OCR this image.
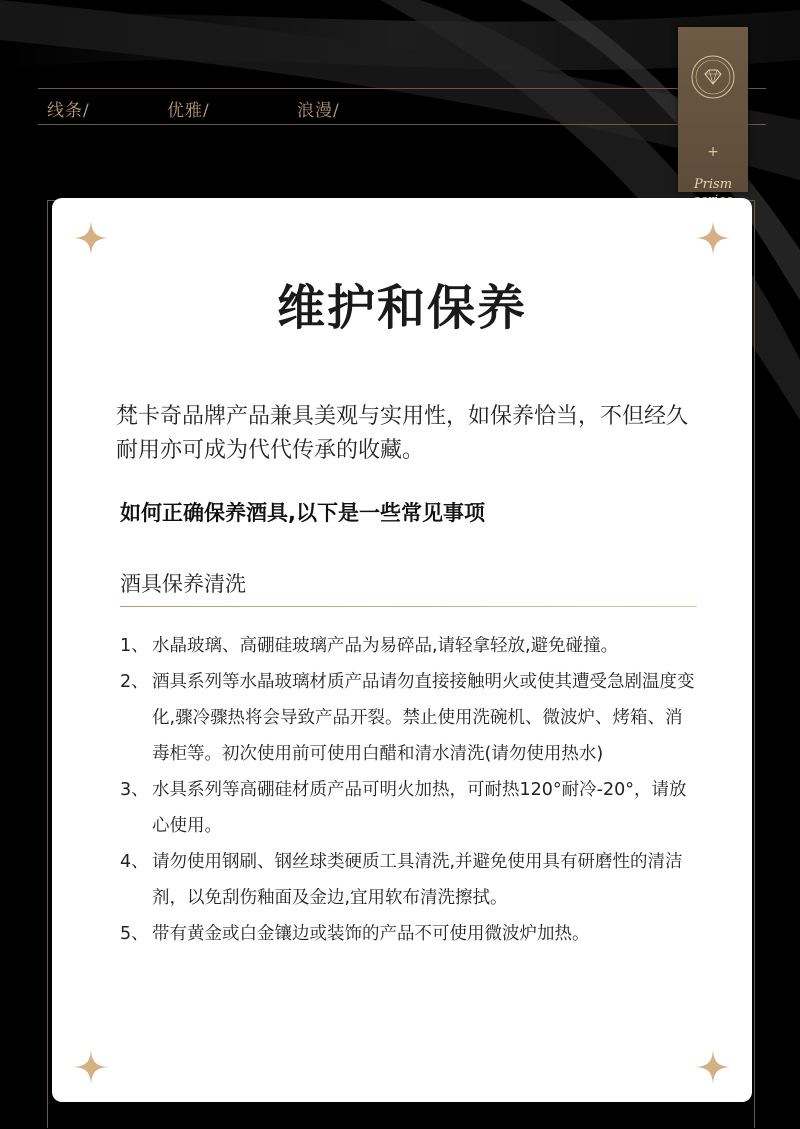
线条/	优雅/	浪漫/
+
Prism
维护和保养
梵卡奇品牌产品兼具美观与实用性，如保养恰当，不但经久耐用亦可成为代代传承的收藏。
如何正确保养酒具,以下是一些常见事项
酒具保养清洗
1、 水晶玻璃、高硼硅玻璃产品为易碎品,请轻拿轻放,避免碰撞。
2、 酒具系列等水晶玻璃材质产品请勿直接接触明火或使其遭受急剧温度变化,骤冷骤热将会导致产品开裂。禁止使用洗碗机、微波炉、烤箱、消毒柜等。初次使用前可使用白醋和清水清洗(请勿使用热水)
3、 水具系列等高硼硅材质产品可明火加热，可耐热120°耐冷-20°，请放心使用。
4、 请勿使用钢刷、钢丝球类硬质工具清洗,并避免使用具有研磨性的清洁剂，以免刮伤釉面及金边,宜用软布清洗擦拭。
5、 带有黄金或白金镶边或装饰的产品不可使用微波炉加热。
